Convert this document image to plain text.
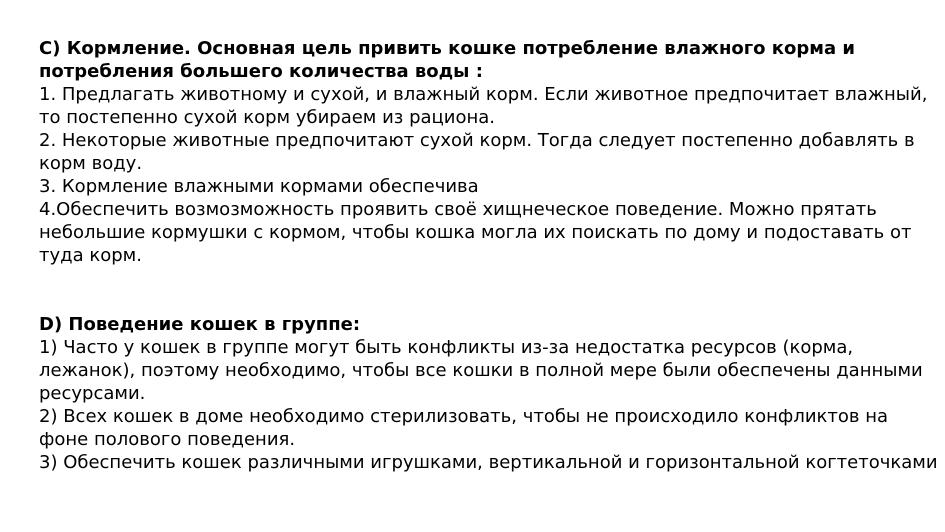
C) Кормление. Основная цель привить кошке потребление влажного корма и потребления большего количества воды :

1. Предлагать животному и сухой, и влажный корм. Если животное предпочитает влажный, то постепенно сухой корм убираем из рациона.

2. Некоторые животные предпочитают сухой корм. Тогда следует постепенно добавлять в корм воду.

3. Кормление влажными кормами обеспечива

4.Обеспечить возмозможность проявить своё хищнеческое поведение. Можно прятать небольшие кормушки с кормом, чтобы кошка могла их поискать по дому и подоставать от туда корм.

D) Поведение кошек в группе:

1) Часто у кошек в группе могут быть конфликты из-за недостатка ресурсов (корма, лежанок), поэтому необходимо, чтобы все кошки в полной мере были обеспечены данными ресурсами.

2) Всех кошек в доме необходимо стерилизовать, чтобы не происходило конфликтов на фоне полового поведения.

3) Обеспечить кошек различными игрушками, вертикальной и горизонтальной когтеточками
